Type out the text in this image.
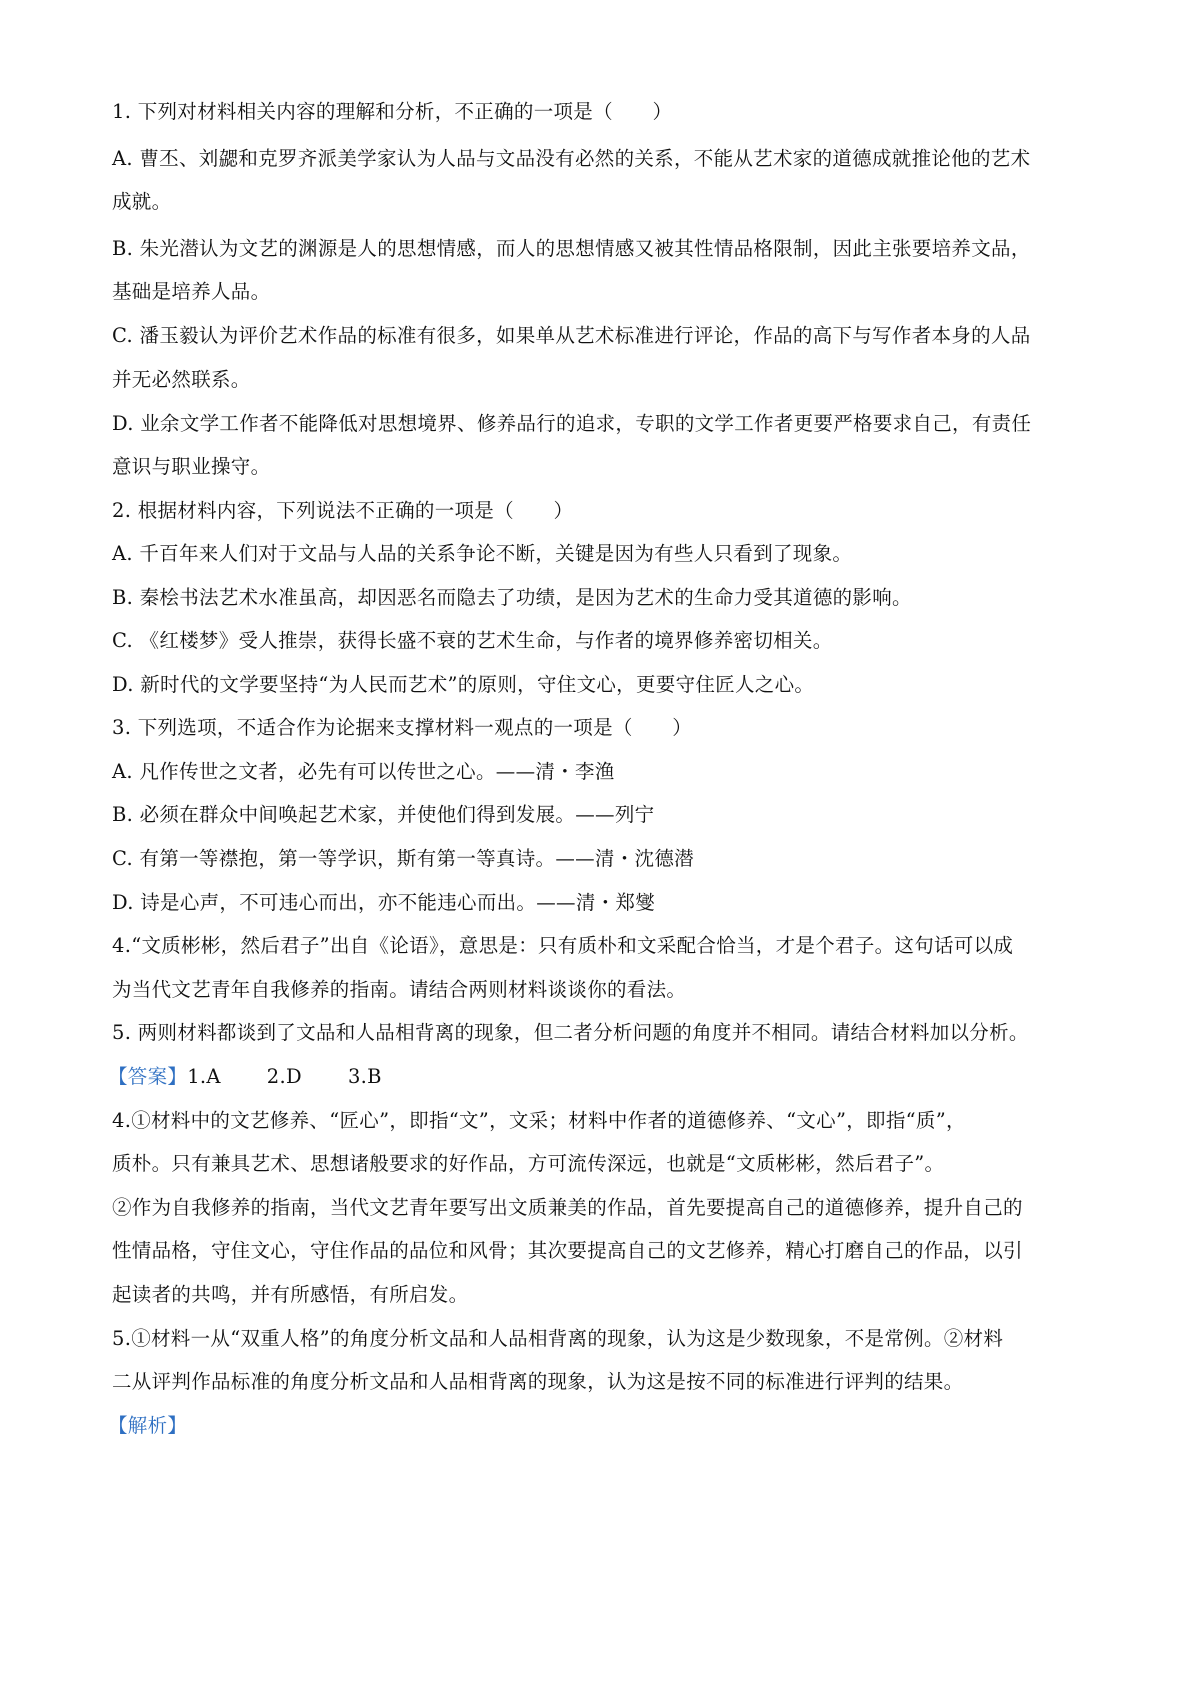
1. 下列对材料相关内容的理解和分析，不正确的一项是（　　）
A. 曹丕、刘勰和克罗齐派美学家认为人品与文品没有必然的关系，不能从艺术家的道德成就推论他的艺术
成就。
B. 朱光潜认为文艺的渊源是人的思想情感，而人的思想情感又被其性情品格限制，因此主张要培养文品，
基础是培养人品。
C. 潘玉毅认为评价艺术作品的标准有很多，如果单从艺术标准进行评论，作品的高下与写作者本身的人品
并无必然联系。
D. 业余文学工作者不能降低对思想境界、修养品行的追求，专职的文学工作者更要严格要求自己，有责任
意识与职业操守。
2. 根据材料内容，下列说法不正确的一项是（　　）
A. 千百年来人们对于文品与人品的关系争论不断，关键是因为有些人只看到了现象。
B. 秦桧书法艺术水准虽高，却因恶名而隐去了功绩，是因为艺术的生命力受其道德的影响。
C. 《红楼梦》受人推崇，获得长盛不衰的艺术生命，与作者的境界修养密切相关。
D. 新时代的文学要坚持“为人民而艺术”的原则，守住文心，更要守住匠人之心。
3. 下列选项，不适合作为论据来支撑材料一观点的一项是（　　）
A. 凡作传世之文者，必先有可以传世之心。——清・李渔
B. 必须在群众中间唤起艺术家，并使他们得到发展。——列宁
C. 有第一等襟抱，第一等学识，斯有第一等真诗。——清・沈德潜
D. 诗是心声，不可违心而出，亦不能违心而出。——清・郑燮
4.“文质彬彬，然后君子”出自《论语》，意思是：只有质朴和文采配合恰当，才是个君子。这句话可以成
为当代文艺青年自我修养的指南。请结合两则材料谈谈你的看法。
5. 两则材料都谈到了文品和人品相背离的现象，但二者分析问题的角度并不相同。请结合材料加以分析。
【答案】1.A 2.D 3.B
4.①材料中的文艺修养、“匠心”，即指“文”，文采；材料中作者的道德修养、“文心”，即指“质”，
质朴。只有兼具艺术、思想诸般要求的好作品，方可流传深远，也就是“文质彬彬，然后君子”。
②作为自我修养的指南，当代文艺青年要写出文质兼美的作品，首先要提高自己的道德修养，提升自己的
性情品格，守住文心，守住作品的品位和风骨；其次要提高自己的文艺修养，精心打磨自己的作品，以引
起读者的共鸣，并有所感悟，有所启发。
5.①材料一从“双重人格”的角度分析文品和人品相背离的现象，认为这是少数现象，不是常例。②材料
二从评判作品标准的角度分析文品和人品相背离的现象，认为这是按不同的标准进行评判的结果。
【解析】
